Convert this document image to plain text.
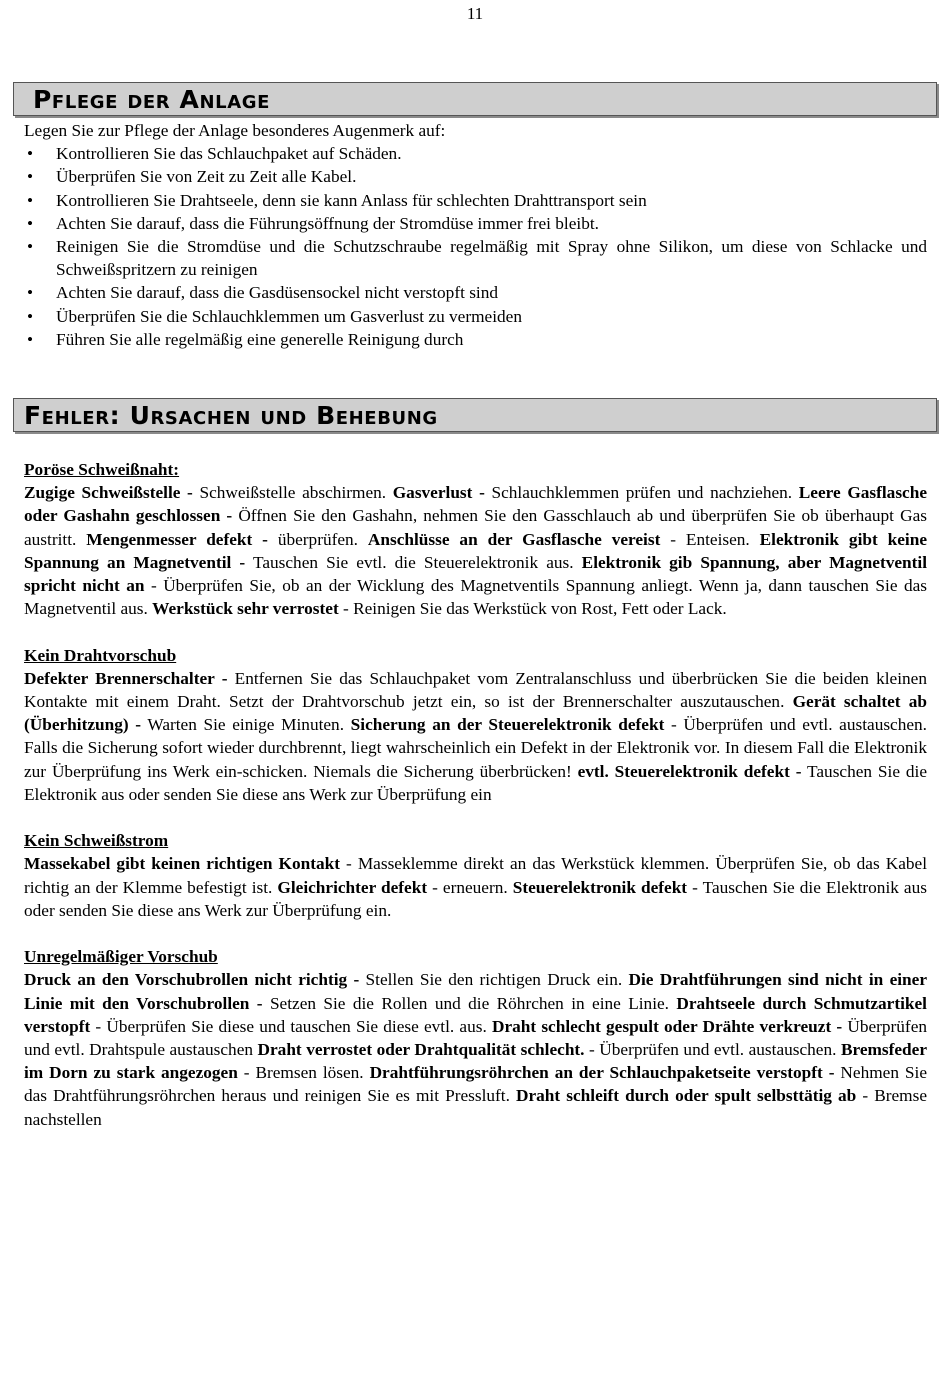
11
Pflege der Anlage

Legen Sie zur Pflege der Anlage besonderes Augenmerk auf:

• Kontrollieren Sie das Schlauchpaket auf Schäden.
• Überprüfen Sie von Zeit zu Zeit alle Kabel.
• Kontrollieren Sie Drahtseele, denn sie kann Anlass für schlechten Drahttransport sein
• Achten Sie darauf, dass die Führungsöffnung der Stromdüse immer frei bleibt.
• Reinigen Sie die Stromdüse und die Schutzschraube regelmäßig mit Spray ohne Silikon, um diese von Schlacke und Schweißspritzern zu reinigen
• Achten Sie darauf, dass die Gasdüsensockel nicht verstopft sind
• Überprüfen Sie die Schlauchklemmen um Gasverlust zu vermeiden
• Führen Sie alle regelmäßig eine generelle Reinigung durch
Fehler: Ursachen und Behebung
Poröse Schweißnaht:

Zugige Schweißstelle - Schweißstelle abschirmen. Gasverlust - Schlauchklemmen prüfen und nachziehen. Leere Gasflasche oder Gashahn geschlossen - Öffnen Sie den Gashahn, nehmen Sie den Gasschlauch ab und überprüfen Sie ob überhaupt Gas austritt. Mengenmesser defekt - überprüfen. Anschlüsse an der Gasflasche vereist - Enteisen. Elektronik gibt keine Spannung an Magnetventil - Tauschen Sie evtl. die Steuerelektronik aus. Elektronik gib Spannung, aber Magnetventil spricht nicht an - Überprüfen Sie, ob an der Wicklung des Magnetventils Spannung anliegt. Wenn ja, dann tauschen Sie das Magnetventil aus. Werkstück sehr verrostet - Reinigen Sie das Werkstück von Rost, Fett oder Lack.

Kein Drahtvorschub

Defekter Brennerschalter - Entfernen Sie das Schlauchpaket vom Zentralanschluss und überbrücken Sie die beiden kleinen Kontakte mit einem Draht. Setzt der Drahtvorschub jetzt ein, so ist der Brennerschalter auszutauschen. Gerät schaltet ab (Überhitzung) - Warten Sie einige Minuten. Sicherung an der Steuerelektronik defekt - Überprüfen und evtl. austauschen. Falls die Sicherung sofort wieder durchbrennt, liegt wahrscheinlich ein Defekt in der Elektronik vor. In diesem Fall die Elektronik zur Überprüfung ins Werk ein-schicken. Niemals die Sicherung überbrücken! evtl. Steuerelektronik defekt - Tauschen Sie die Elektronik aus oder senden Sie diese ans Werk zur Überprüfung ein

Kein Schweißstrom

Massekabel gibt keinen richtigen Kontakt - Masseklemme direkt an das Werkstück klemmen. Überprüfen Sie, ob das Kabel richtig an der Klemme befestigt ist. Gleichrichter defekt - erneuern. Steuerelektronik defekt - Tauschen Sie die Elektronik aus oder senden Sie diese ans Werk zur Überprüfung ein.

Unregelmäßiger Vorschub

Druck an den Vorschubrollen nicht richtig - Stellen Sie den richtigen Druck ein. Die Drahtführungen sind nicht in einer Linie mit den Vorschubrollen - Setzen Sie die Rollen und die Röhrchen in eine Linie. Drahtseele durch Schmutzartikel verstopft - Überprüfen Sie diese und tauschen Sie diese evtl. aus. Draht schlecht gespult oder Drähte verkreuzt - Überprüfen und evtl. Drahtspule austauschen Draht verrostet oder Drahtqualität schlecht. - Überprüfen und evtl. austauschen. Bremsfeder im Dorn zu stark angezogen - Bremsen lösen. Drahtführungsröhrchen an der Schlauchpaketseite verstopft - Nehmen Sie das Drahtführungsröhrchen heraus und reinigen Sie es mit Pressluft. Draht schleift durch oder spult selbsttätig ab - Bremse nachstellen
